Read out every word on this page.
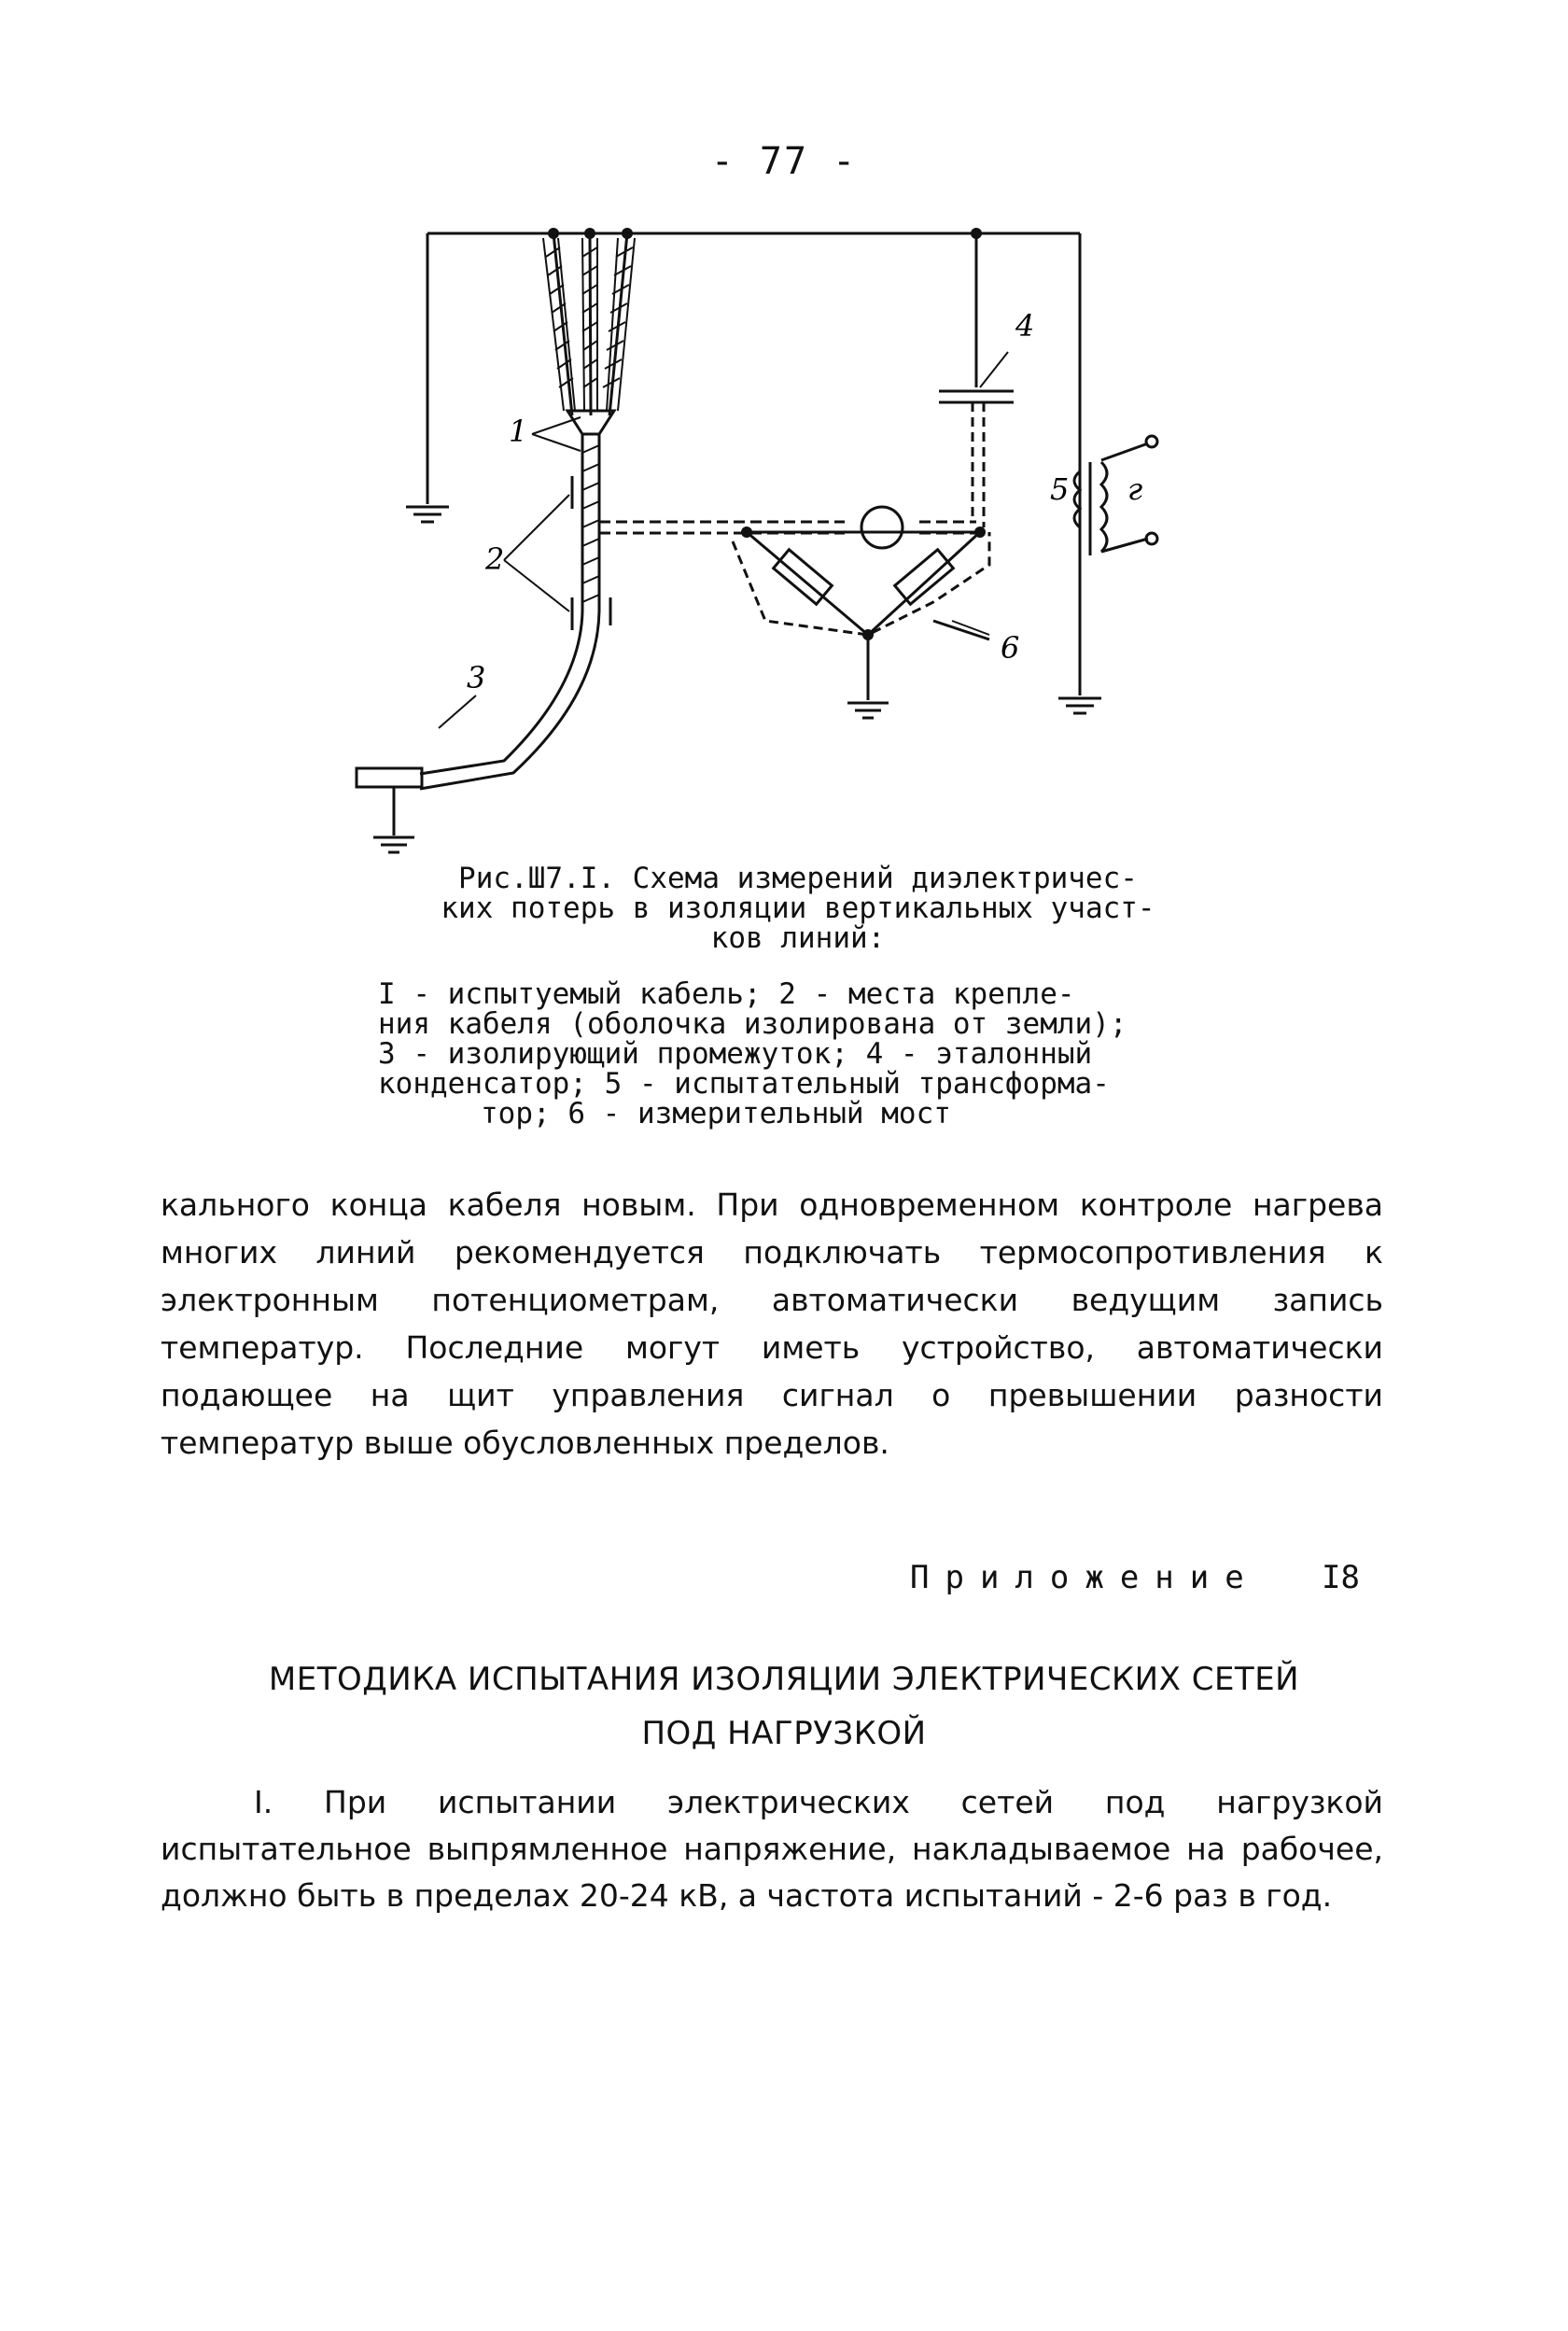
- 77 -
1
2
3
4
5
6
г
Рис.Ш7.I. Схема измерений диэлектричес-
ких потерь в изоляции вертикальных участ-
ков линий:
I - испытуемый кабель; 2 - места крепле-
ния кабеля (оболочка изолирована от земли);
3 - изолирующий промежуток; 4 - эталонный
конденсатор; 5 - испытательный трансформа-
тор; 6 - измерительный мост
кального конца кабеля новым. При одновременном контроле нагрева многих линий рекомендуется подключать термосопротивления к электронным потенциометрам, автоматически ведущим запись температур. Последние могут иметь устройство, автоматически подающее на щит управления сигнал о превышении разности температур выше обусловленных пределов.
Приложение I8
МЕТОДИКА ИСПЫТАНИЯ ИЗОЛЯЦИИ ЭЛЕКТРИЧЕСКИХ СЕТЕЙ
ПОД НАГРУЗКОЙ
I. При испытании электрических сетей под нагрузкой испытательное выпрямленное напряжение, накладываемое на рабочее, должно быть в пределах 20-24 кВ, а частота испытаний - 2-6 раз в год.
